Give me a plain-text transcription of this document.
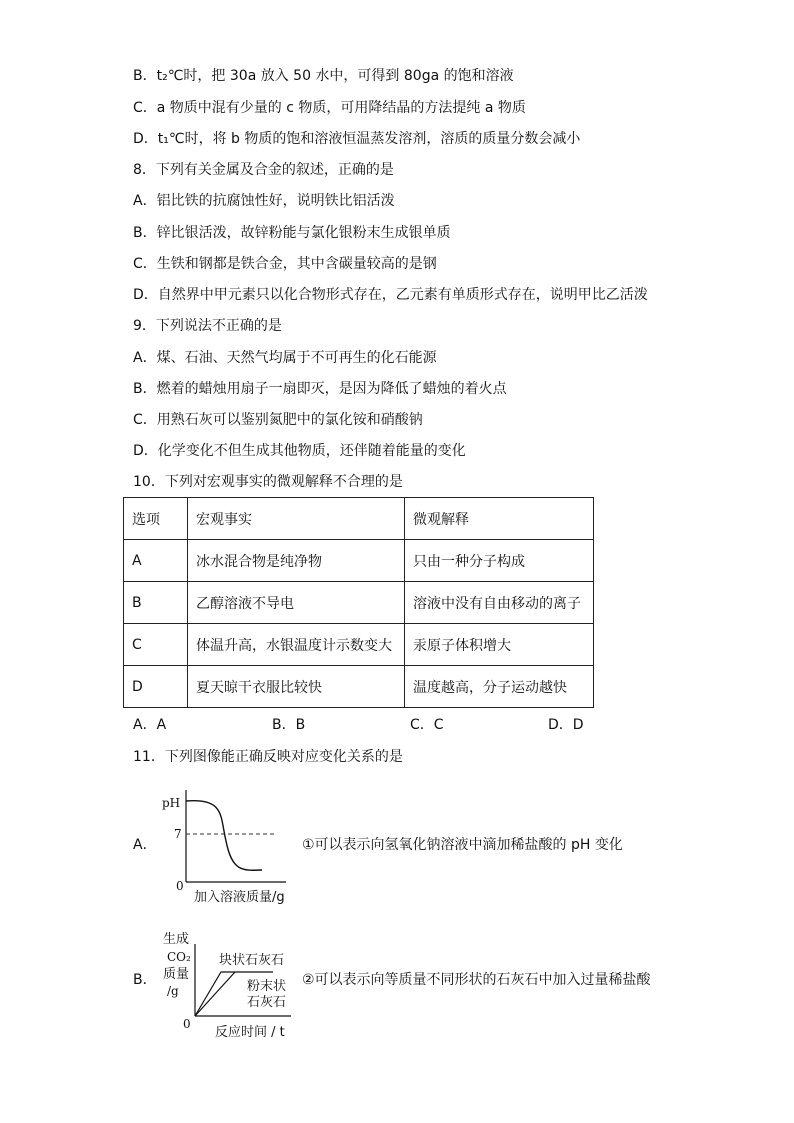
B．t₂℃时，把 30a 放入 50 水中，可得到 80ga 的饱和溶液
C．a 物质中混有少量的 c 物质，可用降结晶的方法提纯 a 物质
D．t₁℃时，将 b 物质的饱和溶液恒温蒸发溶剂，溶质的质量分数会减小
8．下列有关金属及合金的叙述，正确的是
A．铝比铁的抗腐蚀性好，说明铁比铝活泼
B．锌比银活泼，故锌粉能与氯化银粉末生成银单质
C．生铁和钢都是铁合金，其中含碳量较高的是钢
D．自然界中甲元素只以化合物形式存在，乙元素有单质形式存在，说明甲比乙活泼
9．下列说法不正确的是
A．煤、石油、天然气均属于不可再生的化石能源
B．燃着的蜡烛用扇子一扇即灭，是因为降低了蜡烛的着火点
C．用熟石灰可以鉴别氮肥中的氯化铵和硝酸钠
D．化学变化不但生成其他物质，还伴随着能量的变化
10．下列对宏观事实的微观解释不合理的是
选项	宏观事实	微观解释
A	冰水混合物是纯净物	只由一种分子构成
B	乙醇溶液不导电	溶液中没有自由移动的离子
C	体温升高，水银温度计示数变大	汞原子体积增大
D	夏天晾干衣服比较快	温度越高，分子运动越快
A．A	B．B	C．C	D．D
11．下列图像能正确反映对应变化关系的是
A．
pH
7
0
加入溶液质量/g
①可以表示向氢氧化钠溶液中滴加稀盐酸的 pH 变化
B．
生成
CO₂
质量
/g
块状石灰石
粉末状
石灰石
0
反应时间 / t
②可以表示向等质量不同形状的石灰石中加入过量稀盐酸
